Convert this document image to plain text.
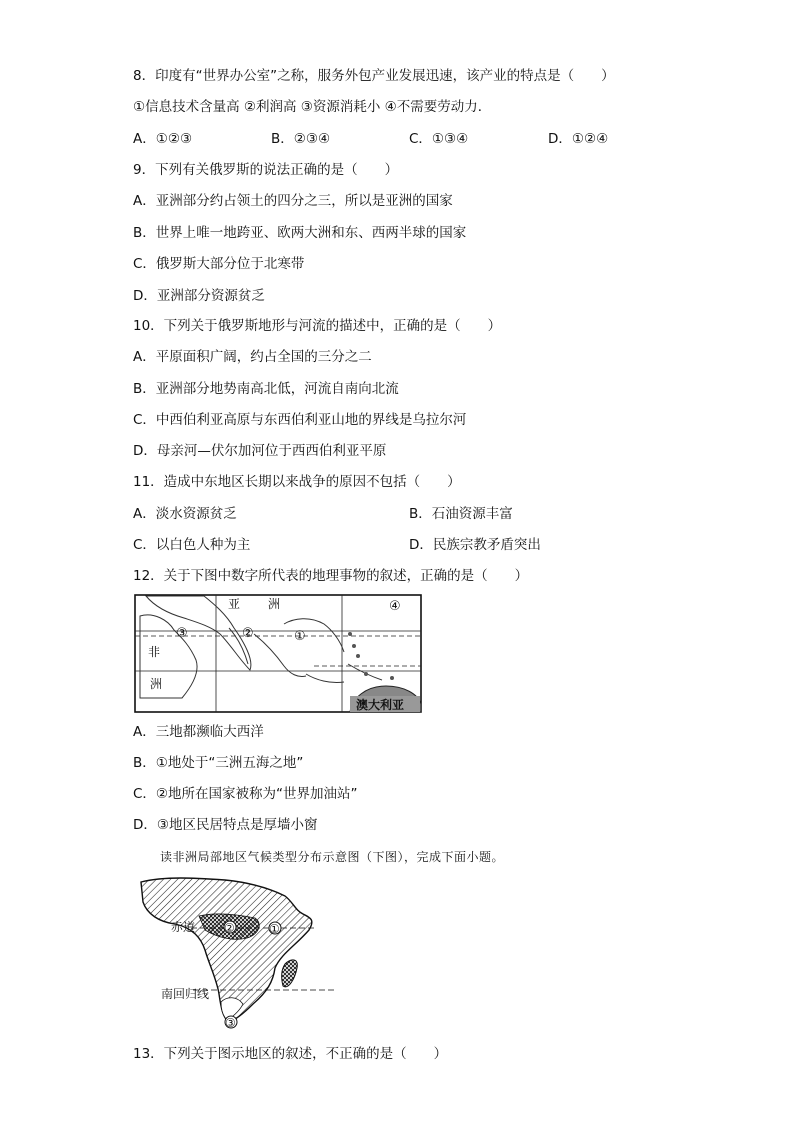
8．印度有“世界办公室”之称，服务外包产业发展迅速，该产业的特点是（　　）
①信息技术含量高 ②利润高 ③资源消耗小 ④不需要劳动力．
A．①②③	B．②③④	C．①③④	D．①②④
9．下列有关俄罗斯的说法正确的是（　　）
A．亚洲部分约占领土的四分之三，所以是亚洲的国家
B．世界上唯一地跨亚、欧两大洲和东、西两半球的国家
C．俄罗斯大部分位于北寒带
D．亚洲部分资源贫乏
10．下列关于俄罗斯地形与河流的描述中，正确的是（　　）
A．平原面积广阔，约占全国的三分之二
B．亚洲部分地势南高北低，河流自南向北流
C．中西伯利亚高原与东西伯利亚山地的界线是乌拉尔河
D．母亲河—伏尔加河位于西西伯利亚平原
11．造成中东地区长期以来战争的原因不包括（　　）
A．淡水资源贫乏	B．石油资源丰富
C．以白色人种为主	D．民族宗教矛盾突出
12．关于下图中数字所代表的地理事物的叙述，正确的是（　　）
亚 洲
非
洲
澳大利亚
③	②	①
④
A．三地都濒临大西洋
B．①地处于“三洲五海之地”
C．②地所在国家被称为“世界加油站”
D．③地区民居特点是厚墙小窗
读非洲局部地区气候类型分布示意图（下图），完成下面小题。
②	①
③
赤道
南回归线
13．下列关于图示地区的叙述，不正确的是（　　）
